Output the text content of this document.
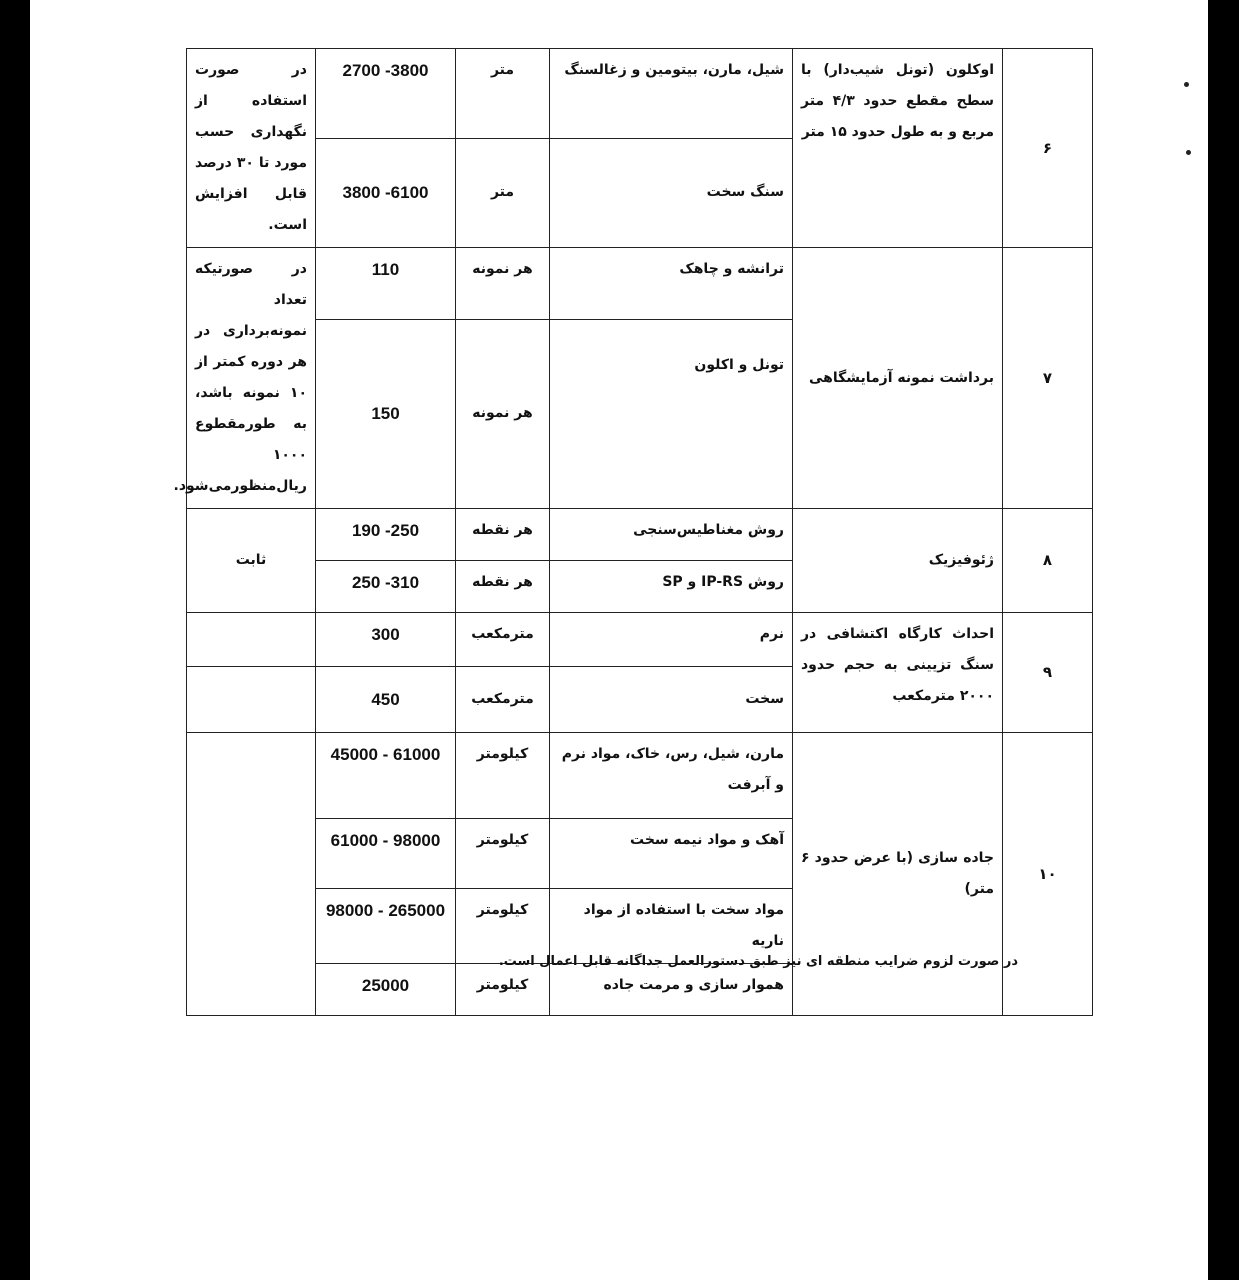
۶	اوکلون (تونل شیب‌دار) با سطح مقطع حدود ۴/۳ متر مربع و به طول حدود ۱۵ متر	شیل، مارن، بیتومین و زغالسنگ	متر	2700 -3800	در صورت استفاده از نگهداری حسب مورد تا ۳۰ درصد قابل افزایش است.
		سنگ سخت	متر	3800 -6100	
۷	برداشت نمونه آزمایشگاهی	ترانشه و چاهک	هر نمونه	110	در صورتیکه تعداد نمونه‌برداری در هر دوره کمتر از ۱۰ نمونه باشد، به طورمقطوع ۱۰۰۰ ریال‌منظورمی‌شود.
		تونل و اکلون	هر نمونه	150	
۸	ژئوفیزیک	روش مغناطیس‌سنجی	هر نقطه	190 -250	ثابت
		روش IP-RS و SP	هر نقطه	250 -310	
۹	احداث کارگاه اکتشافی در سنگ تزیینی به حجم حدود ۲۰۰۰ مترمکعب	نرم	مترمکعب	300	
		سخت	مترمکعب	450	
۱۰	جاده سازی (با عرض حدود ۶ متر)	مارن، شیل، رس، خاک، مواد نرم و آبرفت	کیلومتر	45000 - 61000	
		آهک و مواد نیمه سخت	کیلومتر	61000 - 98000	
		مواد سخت با استفاده از مواد ناریه	کیلومتر	98000 - 265000	
		هموار سازی و مرمت جاده	کیلومتر	25000	
در صورت لزوم ضرایب منطقه ای نیز طبق دستورالعمل جداگانه قابل اعمال است.
